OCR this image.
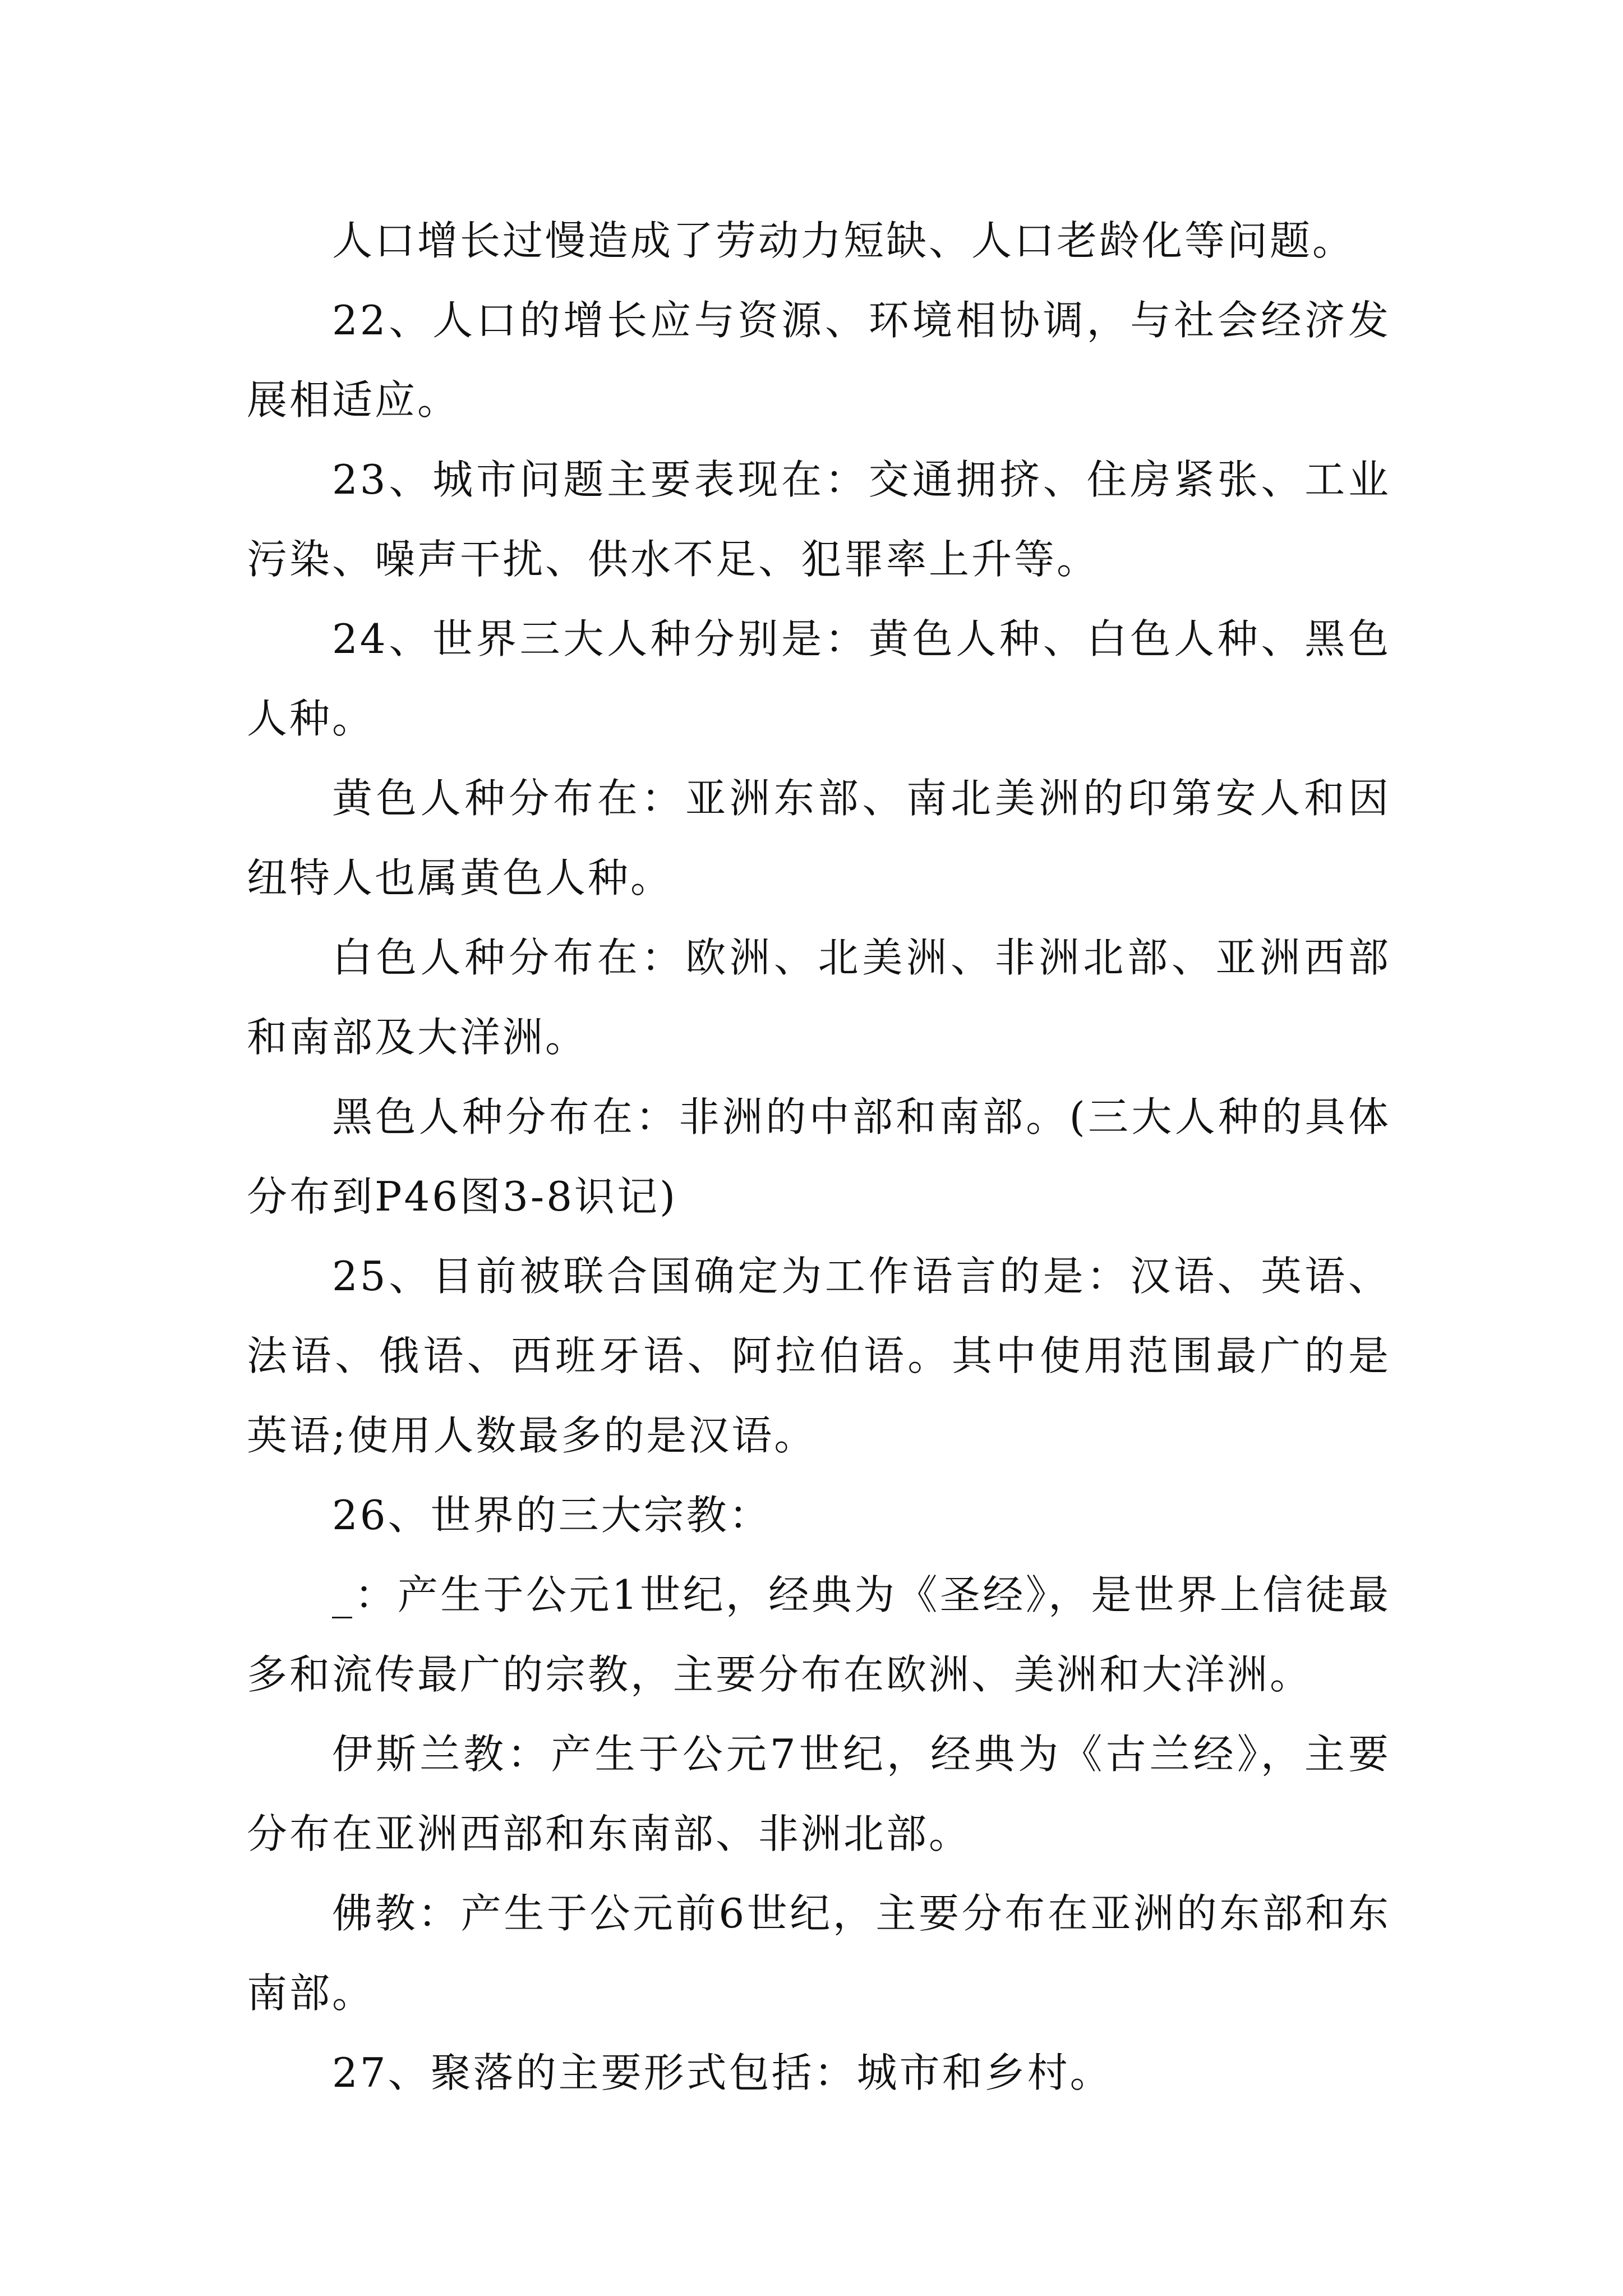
人口增长过慢造成了劳动力短缺、人口老龄化等问题。

22、人口的增长应与资源、环境相协调，与社会经济发展相适应。

23、城市问题主要表现在：交通拥挤、住房紧张、工业污染、噪声干扰、供水不足、犯罪率上升等。

24、世界三大人种分别是：黄色人种、白色人种、黑色人种。

黄色人种分布在：亚洲东部、南北美洲的印第安人和因纽特人也属黄色人种。

白色人种分布在：欧洲、北美洲、非洲北部、亚洲西部和南部及大洋洲。

黑色人种分布在：非洲的中部和南部。(三大人种的具体分布到P46图3-8识记)

25、目前被联合国确定为工作语言的是：汉语、英语、法语、俄语、西班牙语、阿拉伯语。其中使用范围最广的是英语;使用人数最多的是汉语。

26、世界的三大宗教：

_：产生于公元1世纪，经典为《圣经》，是世界上信徒最多和流传最广的宗教，主要分布在欧洲、美洲和大洋洲。

伊斯兰教：产生于公元7世纪，经典为《古兰经》，主要分布在亚洲西部和东南部、非洲北部。

佛教：产生于公元前6世纪，主要分布在亚洲的东部和东南部。

27、聚落的主要形式包括：城市和乡村。
